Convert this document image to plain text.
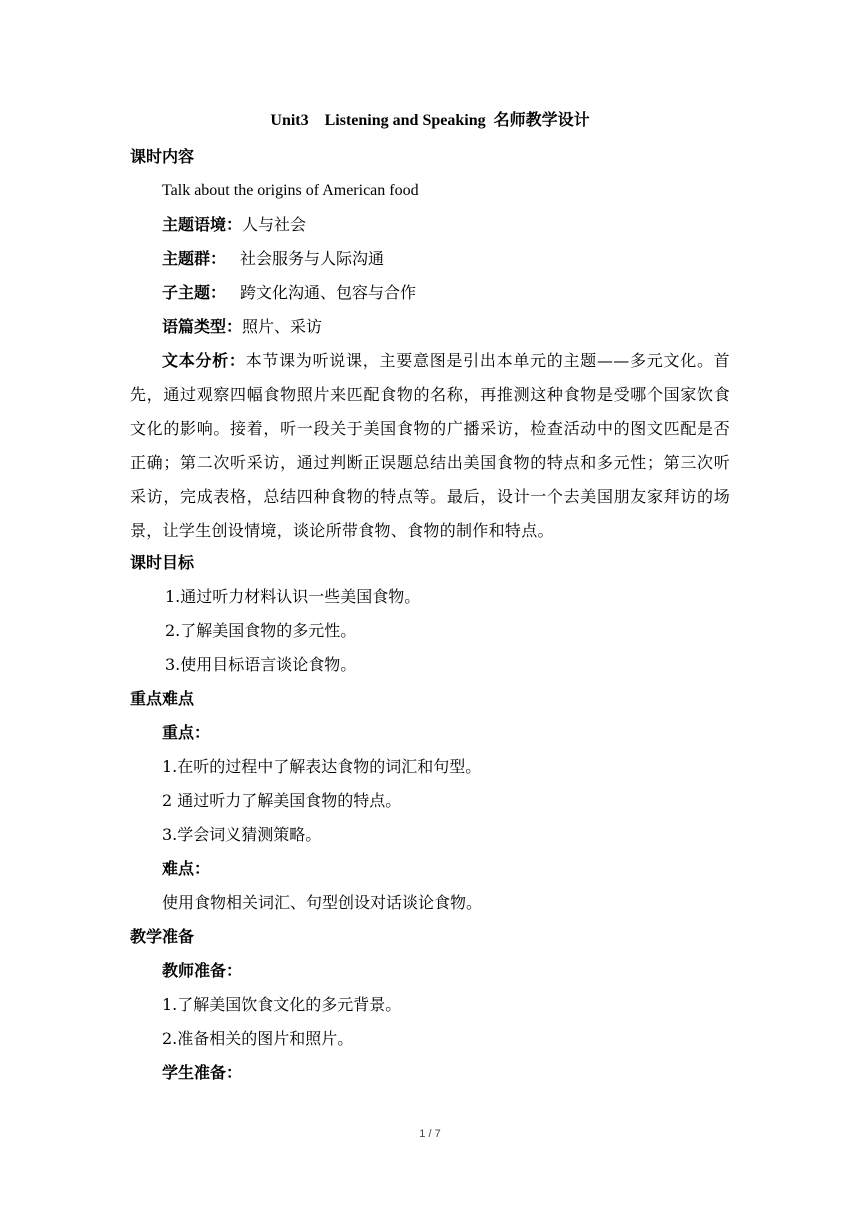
Unit3    Listening and Speaking  名师教学设计
课时内容
Talk about the origins of American food
主题语境：人与社会
主题群： 社会服务与人际沟通
子主题： 跨文化沟通、包容与合作
语篇类型：照片、采访
文本分析：本节课为听说课，主要意图是引出本单元的主题——多元文化。首先，通过观察四幅食物照片来匹配食物的名称，再推测这种食物是受哪个国家饮食文化的影响。接着，听一段关于美国食物的广播采访，检查活动中的图文匹配是否正确；第二次听采访，通过判断正误题总结出美国食物的特点和多元性；第三次听采访，完成表格，总结四种食物的特点等。最后，设计一个去美国朋友家拜访的场景，让学生创设情境，谈论所带食物、食物的制作和特点。
课时目标
1.通过听力材料认识一些美国食物。
2.了解美国食物的多元性。
3.使用目标语言谈论食物。
重点难点
重点：
1.在听的过程中了解表达食物的词汇和句型。
2 通过听力了解美国食物的特点。
3.学会词义猜测策略。
难点：
使用食物相关词汇、句型创设对话谈论食物。
教学准备
教师准备：
1.了解美国饮食文化的多元背景。
2.准备相关的图片和照片。
学生准备：
1 / 7
